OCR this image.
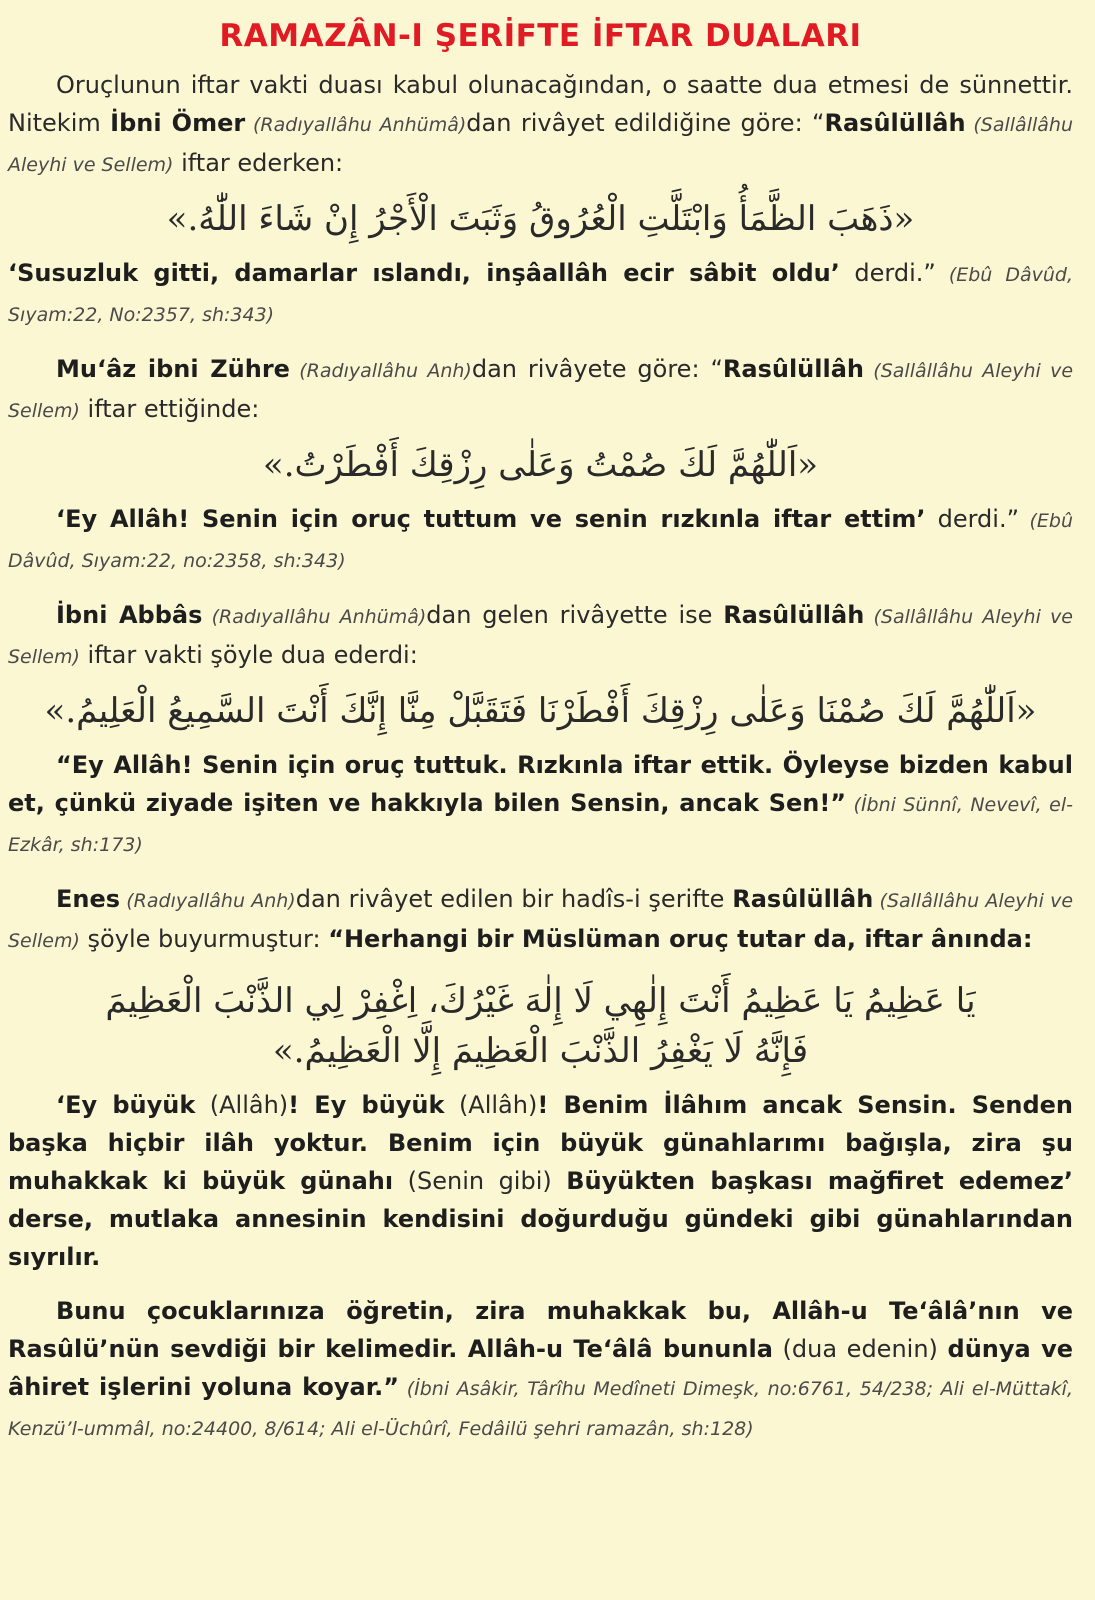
RAMAZÂN-I ŞERİFTE İFTAR DUALARI

Oruçlunun iftar vakti duası kabul olunacağından, o saatte dua etmesi de sünnettir. Nitekim İbni Ömer (Radıyallâhu Anhümâ)dan rivâyet edildiğine göre: “Rasûlüllâh (Sallâllâhu Aleyhi ve Sellem) iftar ederken:

«ذَهَبَ الظَّمَأُ وَابْتَلَّتِ الْعُرُوقُ وَثَبَتَ الْأَجْرُ إِنْ شَاءَ اللّٰهُ.»

‘Susuzluk gitti, damarlar ıslandı, inşâallâh ecir sâbit oldu’ derdi.” (Ebû Dâvûd, Sıyam:22, No:2357, sh:343)

Mu‘âz ibni Zühre (Radıyallâhu Anh)dan rivâyete göre: “Rasûlüllâh (Sallâllâhu Aleyhi ve Sellem) iftar ettiğinde:

«اَللّٰهُمَّ لَكَ صُمْتُ وَعَلٰى رِزْقِكَ أَفْطَرْتُ.»

‘Ey Allâh! Senin için oruç tuttum ve senin rızkınla iftar ettim’ derdi.” (Ebû Dâvûd, Sıyam:22, no:2358, sh:343)

İbni Abbâs (Radıyallâhu Anhümâ)dan gelen rivâyette ise Rasûlüllâh (Sallâllâhu Aleyhi ve Sellem) iftar vakti şöyle dua ederdi:

«اَللّٰهُمَّ لَكَ صُمْنَا وَعَلٰى رِزْقِكَ أَفْطَرْنَا فَتَقَبَّلْ مِنَّا إِنَّكَ أَنْتَ السَّمِيعُ الْعَلِيمُ.»

“Ey Allâh! Senin için oruç tuttuk. Rızkınla iftar ettik. Öyleyse bizden kabul et, çünkü ziyade işiten ve hakkıyla bilen Sensin, ancak Sen!” (İbni Sünnî, Nevevî, el-Ezkâr, sh:173)

Enes (Radıyallâhu Anh)dan rivâyet edilen bir hadîs-i şerifte Rasûlüllâh (Sallâllâhu Aleyhi ve Sellem) şöyle buyurmuştur: “Herhangi bir Müslüman oruç tutar da, iftar ânında:

يَا عَظِيمُ يَا عَظِيمُ أَنْتَ إِلٰهِي لَا إِلٰهَ غَيْرُكَ، اِغْفِرْ لِي الذَّنْبَ الْعَظِيمَ
فَإِنَّهُ لَا يَغْفِرُ الذَّنْبَ الْعَظِيمَ إِلَّا الْعَظِيمُ.»

‘Ey büyük (Allâh)! Ey büyük (Allâh)! Benim İlâhım ancak Sensin. Senden başka hiçbir ilâh yoktur. Benim için büyük günahlarımı bağışla, zira şu muhakkak ki büyük günahı (Senin gibi) Büyükten başkası mağfiret edemez’ derse, mutlaka annesinin kendisini doğurduğu gündeki gibi günahlarından sıyrılır.

Bunu çocuklarınıza öğretin, zira muhakkak bu, Allâh-u Te‘âlâ’nın ve Rasûlü’nün sevdiği bir kelimedir. Allâh-u Te‘âlâ bununla (dua edenin) dünya ve âhiret işlerini yoluna koyar.” (İbni Asâkir, Târîhu Medîneti Dimeşk, no:6761, 54/238; Ali el-Müttakî, Kenzü’l-ummâl, no:24400, 8/614; Ali el-Üchûrî, Fedâilü şehri ramazân, sh:128)
